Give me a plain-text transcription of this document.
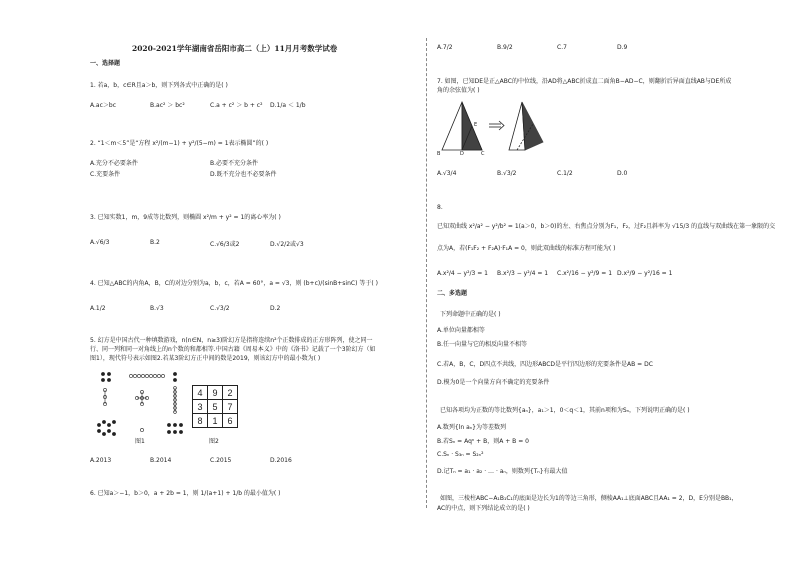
2020-2021学年湖南省岳阳市高二（上）11月月考数学试卷
一、选择题
1. 若a，b，c∈R且a＞b，则下列各式中正确的是( )
A.ac＞bc	B.ac² ＞ bc²	C.a + c² ＞ b + c² D.1/a ＜ 1/b
2. “1＜m＜5”是“方程 x²/(m−1) + y²/(5−m) = 1表示椭圆”的( )
A.充分不必要条件	B.必要不充分条件
C.充要条件	D.既不充分也不必要条件
3. 已知实数1，m，9成等比数列，则椭圆 x²/m + y² = 1的离心率为( )
A.√6/3	B.2	C.√6/3或2	D.√2/2或√3
4. 已知△ABC的内角A，B，C的对边分别为a，b，c，若A = 60°，a = √3，则 (b+c)/(sinB+sinC) 等于( )
A.1/2	B.√3	C.√3/2	D.2
5. 幻方是中国古代一种填数游戏，n(n∈N，n≥3)阶幻方是指将连续n²个正数排成的正方形阵列，使之同一
行、同一列和同一对角线上的n个数的和都相等.中国古籍《周易本义》中的《洛书》记载了一个3阶幻方（如
图1），现代符号表示如图2.若某3阶幻方正中间的数是2019，则该幻方中的最小数为( )
图1
4	9	2
3	5	7
8	1	6
图2
A.2013	B.2014	C.2015	D.2016
6. 已知a＞−1，b＞0，a + 2b = 1，则 1/(a+1) + 1/b 的最小值为( )
A.7/2	B.9/2	C.7	D.9
7. 如图，已知DE是正△ABC的中位线，沿AD将△ABC折成直二面角B−AD−C，则翻折后异面直线AB与DE所成
角的余弦值为( )
B	D	C
E
A.√3/4	B.√3/2	C.1/2	D.0
8.
已知双曲线 x²/a² − y²/b² = 1(a＞0，b＞0)的左、右焦点分别为F₁，F₂，过F₂且斜率为 √15/3 的直线与双曲线在第一象限的交
点为A，若(F₁F₂ + F₂A)·F₁A = 0，则此双曲线的标准方程可能为( )
A.x²/4 − y²/3 = 1 B.x²/3 − y²/4 = 1 C.x²/16 − y²/9 = 1 D.x²/9 − y²/16 = 1
二、多选题
下列命题中正确的是( )
A.单位向量都相等
B.任一向量与它的相反向量不相等
C.若A，B，C，D四点不共线，四边形ABCD是平行四边形的充要条件是AB = DC
D.模为0是一个向量方向不确定的充要条件
已知各项均为正数的等比数列{aₙ}，a₁＞1，0＜q＜1，其前n项和为Sₙ，下列说明正确的是( )
A.数列{ln aₙ}为等差数列
B.若Sₙ = Aqⁿ + B，则A + B = 0
C.Sₙ · S₃ₙ = S₂ₙ²
D.记Tₙ = a₁ · a₂ · … · aₙ，则数列{Tₙ}有最大值
如图，三棱柱ABC−A₁B₁C₁的底面是边长为1的等边三角形，侧棱AA₁⊥底面ABC且AA₁ = 2，D，E分别是BB₁，
AC的中点，则下列结论成立的是( )
